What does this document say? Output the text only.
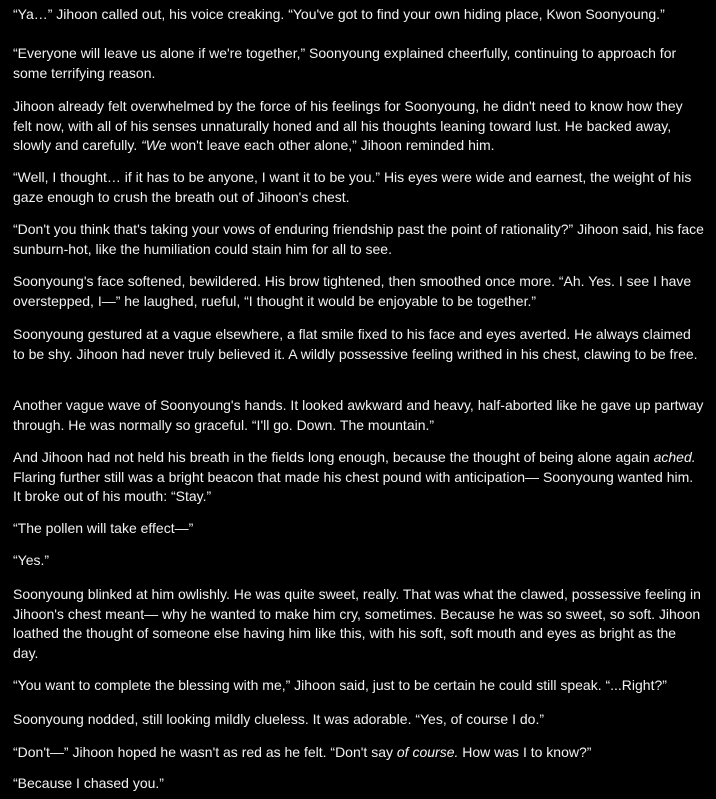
“Ya…” Jihoon called out, his voice creaking. “You've got to find your own hiding place, Kwon Soonyoung.”

“Everyone will leave us alone if we're together,” Soonyoung explained cheerfully, continuing to approach for some terrifying reason.

Jihoon already felt overwhelmed by the force of his feelings for Soonyoung, he didn't need to know how they felt now, with all of his senses unnaturally honed and all his thoughts leaning toward lust. He backed away, slowly and carefully. “We won't leave each other alone,” Jihoon reminded him.

“Well, I thought… if it has to be anyone, I want it to be you.” His eyes were wide and earnest, the weight of his gaze enough to crush the breath out of Jihoon's chest.

“Don't you think that's taking your vows of enduring friendship past the point of rationality?” Jihoon said, his face sunburn-hot, like the humiliation could stain him for all to see.

Soonyoung's face softened, bewildered. His brow tightened, then smoothed once more. “Ah. Yes. I see I have overstepped, I—” he laughed, rueful, “I thought it would be enjoyable to be together.”

Soonyoung gestured at a vague elsewhere, a flat smile fixed to his face and eyes averted. He always claimed to be shy. Jihoon had never truly believed it. A wildly possessive feeling writhed in his chest, clawing to be free.

Another vague wave of Soonyoung's hands. It looked awkward and heavy, half-aborted like he gave up partway through. He was normally so graceful. “I'll go. Down. The mountain.”

And Jihoon had not held his breath in the fields long enough, because the thought of being alone again ached. Flaring further still was a bright beacon that made his chest pound with anticipation— Soonyoung wanted him. It broke out of his mouth: “Stay.”

“The pollen will take effect—”

“Yes.”

Soonyoung blinked at him owlishly. He was quite sweet, really. That was what the clawed, possessive feeling in Jihoon's chest meant— why he wanted to make him cry, sometimes. Because he was so sweet, so soft. Jihoon loathed the thought of someone else having him like this, with his soft, soft mouth and eyes as bright as the day.

“You want to complete the blessing with me,” Jihoon said, just to be certain he could still speak. “...Right?”

Soonyoung nodded, still looking mildly clueless. It was adorable. “Yes, of course I do.”

“Don't—” Jihoon hoped he wasn't as red as he felt. “Don't say of course. How was I to know?”

“Because I chased you.”
